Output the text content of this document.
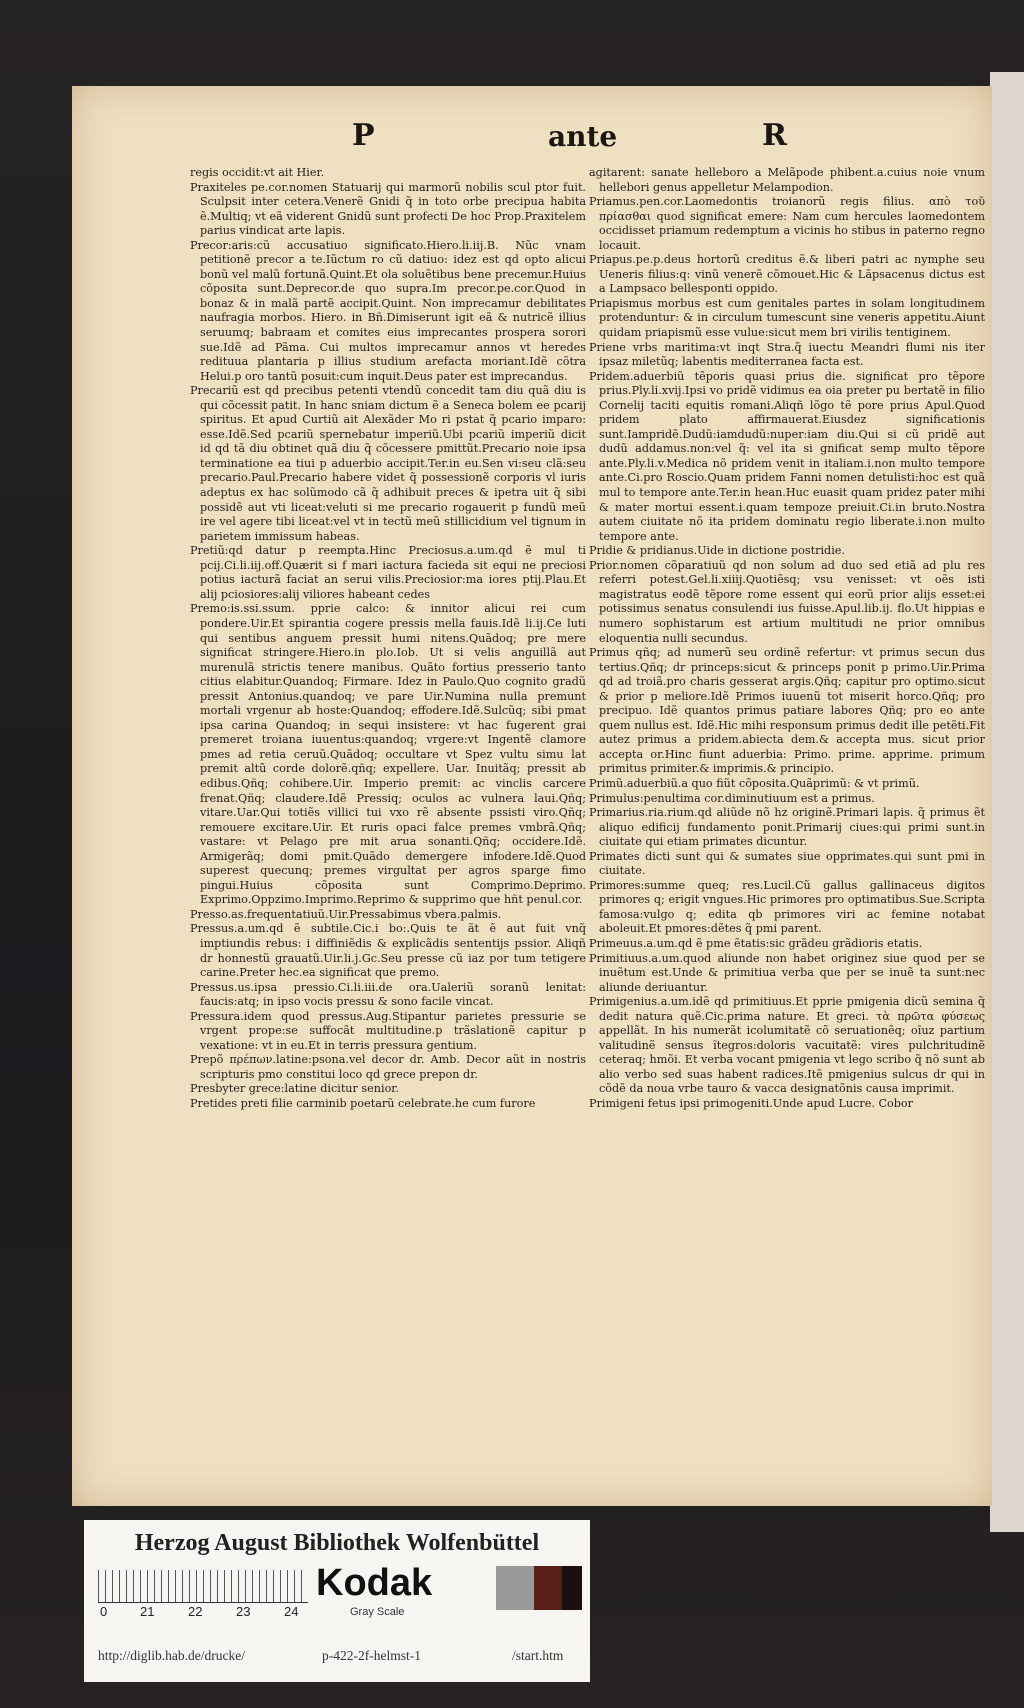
P	ante	R

regis occidit:vt ait Hier.

Praxiteles pe.cor.nomen Statuarij qui marmorũ nobilis scul ptor fuit. Sculpsit inter cetera.Venerẽ Gnidi q̃ in toto orbe precipua habita ẽ.Multiq; vt eã viderent Gnidũ sunt profecti De hoc Prop.Praxitelem parius vindicat arte lapis.

Precor:aris:cũ accusatiuo significato.Hiero.li.iij.B. Nũc vnam petitionẽ precor a te.Iũctum ro cũ datiuo: idez est qd opto alicui bonũ vel malũ fortunã.Quint.Et ola soluẽtibus bene precemur.Huius cõposita sunt.Deprecor.de quo supra.Im precor.pe.cor.Quod in bonaz & in malã partẽ accipit.Quint. Non imprecamur debilitates naufragia morbos. Hiero. in Bñ.Dimiserunt igit eã & nutricẽ illius seruumq; babraam et comites eius imprecantes prospera sorori sue.Idẽ ad Pãma. Cui multos imprecamur annos vt heredes redituua plantaria p illius studium arefacta moriant.Idẽ cõtra Helui.p oro tantũ posuit:cum inquit.Deus pater est imprecandus.

Precariũ est qd precibus petenti vtendũ concedit tam diu quã diu is qui cõcessit patit. In hanc sniam dictum ẽ a Seneca bolem ee pcarij spiritus. Et apud Curtiũ ait Alexãder Mo ri pstat q̃ pcario imparo: esse.Idẽ.Sed pcariũ spernebatur imperiũ.Ubi pcariũ imperiũ dicit id qd tã diu obtinet quã diu q̃ cõcessere pmittũt.Precario noie ipsa terminatione ea tiui p aduerbio accipit.Ter.in eu.Sen vi:seu clã:seu precario.Paul.Precario habere videt q̃ possessionẽ corporis vl iuris adeptus ex hac solũmodo cã q̃ adhibuit preces & ipetra uit q̃ sibi possidẽ aut vti liceat:veluti si me precario rogauerit p fundũ meũ ire vel agere tibi liceat:vel vt in tectũ meũ stillicidium vel tignum in parietem immissum habeas.

Pretiũ:qd datur p reempta.Hinc Preciosus.a.um.qd ẽ mul ti pcij.Ci.li.iij.off.Quærit si f mari iactura facieda sit equi ne preciosi potius iacturã faciat an serui vilis.Preciosior:ma iores ptij.Plau.Et alij pciosiores:alij viliores habeant cedes

Premo:is.ssi.ssum. pprie calco: & innitor alicui rei cum pondere.Uir.Et spirantia cogere pressis mella fauis.Idẽ li.ij.Ce luti qui sentibus anguem pressit humi nitens.Quãdoq; pre mere significat stringere.Hiero.in plo.Iob. Ut si velis anguillã aut murenulã strictis tenere manibus. Quãto fortius presserio tanto citius elabitur.Quandoq; Firmare. Idez in Paulo.Quo cognito gradũ pressit Antonius.quandoq; ve pare Uir.Numina nulla premunt mortali vrgenur ab hoste:Quandoq; effodere.Idẽ.Sulcũq; sibi pmat ipsa carina Quandoq; in sequi insistere: vt hac fugerent grai premeret troiana iuuentus:quandoq; vrgere:vt Ingentẽ clamore pmes ad retia ceruũ.Quãdoq; occultare vt Spez vultu simu lat premit altũ corde dolorẽ.qñq; expellere. Uar. Inuitãq; pressit ab edibus.Qñq; cohibere.Uir. Imperio premit: ac vinclis carcere frenat.Qñq; claudere.Idẽ Pressiq; oculos ac vulnera laui.Qñq; vitare.Uar.Qui totiẽs villici tui vxo rẽ absente pssisti viro.Qñq; remouere excitare.Uir. Et ruris opaci falce premes vmbrã.Qñq; vastare: vt Pelago pre mit arua sonanti.Qñq; occidere.Idẽ. Armigerãq; domi pmit.Quãdo demergere infodere.Idẽ.Quod superest quecunq; premes virgultat per agros sparge fimo pingui.Huius cõposita sunt Comprimo.Deprimo. Exprimo.Oppzimo.Imprimo.Reprimo & supprimo que hñt penul.cor.

Presso.as.frequentatiuũ.Uir.Pressabimus vbera.palmis.

Pressus.a.um.qd ẽ subtile.Cic.i bo:.Quis te ãt ẽ aut fuit vnq̃ imptiundis rebus: i diffiniẽdis & explicãdis sententijs pssior. Aliqñ dr honnestũ grauatũ.Uir.li.j.Gc.Seu presse cũ iaz por tum tetigere carine.Preter hec.ea significat que premo.

Pressus.us.ipsa pressio.Ci.li.iii.de ora.Ualeriũ soranũ lenitat: faucis:atq; in ipso vocis pressu & sono facile vincat.

Pressura.idem quod pressus.Aug.Stipantur parietes pressurie se vrgent prope:se suffocãt multitudine.p trãslationẽ capitur p vexatione: vt in eu.Et in terris pressura gentium.

Prepõ πρέπων.latine:psona.vel decor dr. Amb. Decor aũt in nostris scripturis pmo constitui loco qd grece prepon dr.

Presbyter grece:latine dicitur senior.

Pretides preti filie carminib poetarũ celebrate.he cum furore

agitarent: sanate helleboro a Melãpode phibent.a.cuius noie vnum hellebori genus appelletur Melampodion.

Priamus.pen.cor.Laomedontis troianorũ regis filius. απὸ τοῦ πρίασθαι quod significat emere: Nam cum hercules laomedontem occidisset priamum redemptum a vicinis ho stibus in paterno regno locauit.

Priapus.pe.p.deus hortorũ creditus ẽ.& liberi patri ac nymphe seu Ueneris filius:q: vinũ venerẽ cõmouet.Hic & Lãpsacenus dictus est a Lampsaco bellesponti oppido.

Priapismus morbus est cum genitales partes in solam longitudinem protenduntur: & in circulum tumescunt sine veneris appetitu.Aiunt quidam priapismũ esse vulue:sicut mem bri virilis tentiginem.

Priene vrbs maritima:vt inqt Stra.q̃ iuectu Meandri flumi nis iter ipsaz miletũq; labentis mediterranea facta est.

Pridem.aduerbiũ tẽporis quasi prius die. significat pro tẽpore prius.Ply.li.xvij.Ipsi vo pridẽ vidimus ea oia preter pu bertatẽ in filio Cornelij taciti equitis romani.Aliqñ lõgo tẽ pore prius Apul.Quod pridem plato affirmauerat.Eiusdez significationis sunt.Iampridẽ.Dudũ:iamdudũ:nuper:iam diu.Qui si cũ pridẽ aut dudũ addamus.non:vel q̃: vel ita si gnificat semp multo tẽpore ante.Ply.li.v.Medica nõ pridem venit in italiam.i.non multo tempore ante.Ci.pro Roscio.Quam pridem Fanni nomen detulisti:hoc est quã mul to tempore ante.Ter.in hean.Huc euasit quam pridez pater mihi & mater mortui essent.i.quam tempoze preiuit.Ci.in bruto.Nostra autem ciuitate nõ ita pridem dominatu regio liberate.i.non multo tempore ante.

Pridie & pridianus.Uide in dictione postridie.

Prior.nomen cõparatiuũ qd non solum ad duo sed etiã ad plu res referri potest.Gel.li.xiiij.Quotiẽsq; vsu venisset: vt oẽs isti magistratus eodẽ tẽpore rome essent qui eorũ prior alijs esset:ei potissimus senatus consulendi ius fuisse.Apul.lib.ij. flo.Ut hippias e numero sophistarum est artium multitudi ne prior omnibus eloquentia nulli secundus.

Primus qñq; ad numerũ seu ordinẽ refertur: vt primus secun dus tertius.Qñq; dr princeps:sicut & princeps ponit p primo.Uir.Prima qd ad troiã.pro charis gesserat argis.Qñq; capitur pro optimo.sicut & prior p meliore.Idẽ Primos iuuenũ tot miserit horco.Qñq; pro precipuo. Idẽ quantos primus patiare labores Qñq; pro eo ante quem nullus est. Idẽ.Hic mihi responsum primus dedit ille petẽti.Fit autez primus a pridem.abiecta dem.& accepta mus. sicut prior accepta or.Hinc fiunt aduerbia: Primo. prime. apprime. primum primitus primiter.& imprimis.& principio.

Primũ.aduerbiũ.a quo fiũt cõposita.Quãprimũ: & vt primũ.

Primulus:penultima cor.diminutiuum est a primus.

Primarius.ria.rium.qd aliũde nõ hz originẽ.Primari lapis. q̃ primus ẽt aliquo edificij fundamento ponit.Primarij ciues:qui primi sunt.in ciuitate qui etiam primates dicuntur.

Primates dicti sunt qui & sumates siue opprimates.qui sunt pmi in ciuitate.

Primores:summe queq; res.Lucil.Cũ gallus gallinaceus digitos primores q; erigit vngues.Hic primores pro optimatibus.Sue.Scripta famosa:vulgo q; edita qb primores viri ac femine notabat aboleuit.Et pmores:dẽtes q̃ pmi parent.

Primeuus.a.um.qd ẽ pme ẽtatis:sic grãdeu grãdioris etatis.

Primitiuus.a.um.quod aliunde non habet originez siue quod per se inuẽtum est.Unde & primitiua verba que per se inuẽ ta sunt:nec aliunde deriuantur.

Primigenius.a.um.idẽ qd primitiuus.Et pprie pmigenia dicũ semina q̃ dedit natura quẽ.Cic.prima nature. Et greci. τὰ πρῶτα φύσεως appellãt. In his numerãt icolumitatẽ cõ seruationẽq; oĩuz partium valitudinẽ sensus ĩtegros:doloris vacuitatẽ: vires pulchritudinẽ ceteraq; hmõi. Et verba vocant pmigenia vt lego scribo q̃ nõ sunt ab alio verbo sed suas habent radices.Itẽ pmigenius sulcus dr qui in cõdẽ da noua vrbe tauro & vacca designatõnis causa imprimit.

Primigeni fetus ipsi primogeniti.Unde apud Lucre. Cobor

Herzog August Bibliothek Wolfenbüttel
0	21	22	23	24
Kodak
Gray Scale
http://diglib.hab.de/drucke/	p-422-2f-helmst-1	/start.htm
